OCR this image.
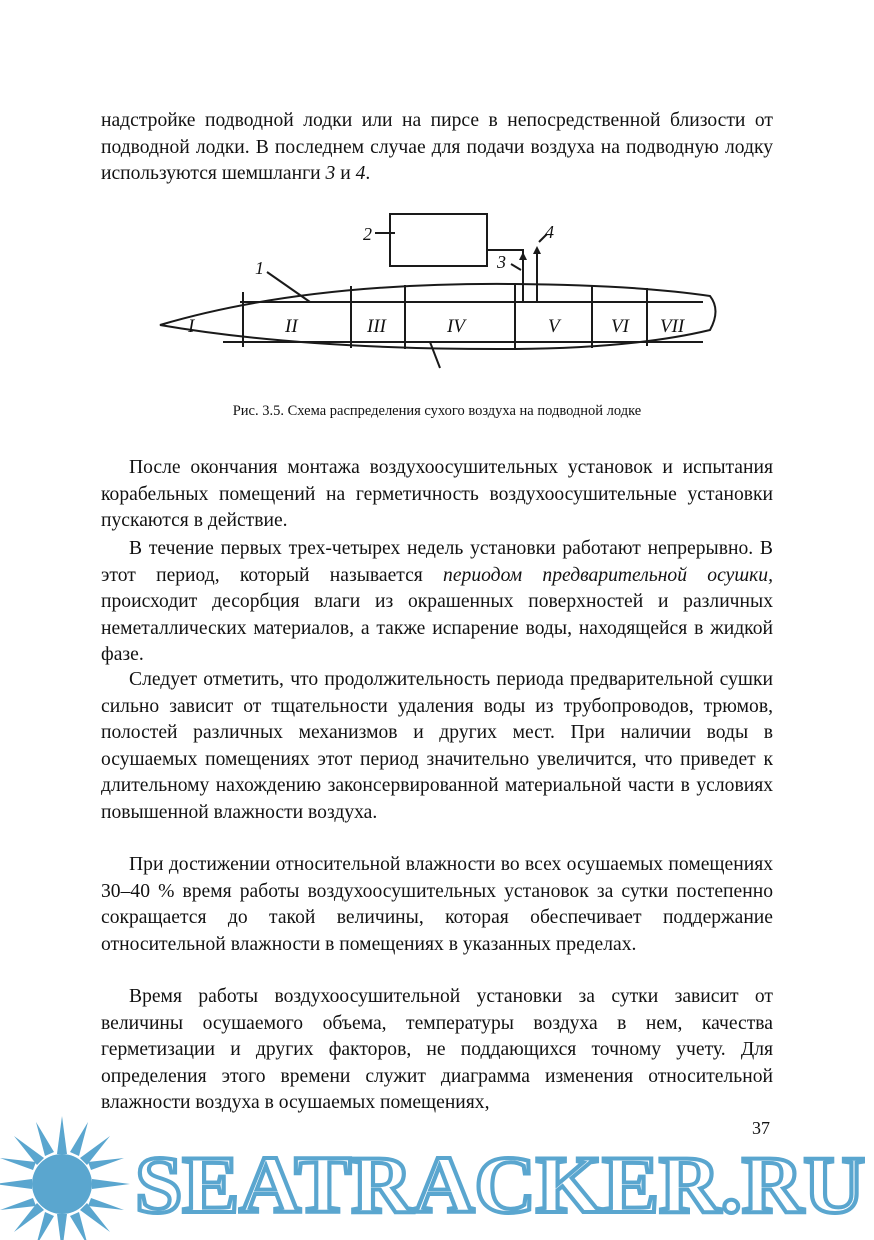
надстройке подводной лодки или на пирсе в непосредственной близости от подводной лодки. В последнем случае для подачи воздуха на подводную лодку используются шемшланги 3 и 4.

1
2
3
4
I	II	III	IV	V	VI VII

Рис. 3.5. Схема распределения сухого воздуха на подводной лодке

После окончания монтажа воздухоосушительных установок и испытания корабельных помещений на герметичность воздухоосушительные установки пускаются в действие.

В течение первых трех-четырех недель установки работают непрерывно. В этот период, который называется периодом предварительной осушки, происходит десорбция влаги из окрашенных поверхностей и различных неметаллических материалов, а также испарение воды, находящейся в жидкой фазе.

Следует отметить, что продолжительность периода предварительной сушки сильно зависит от тщательности удаления воды из трубопроводов, трюмов, полостей различных механизмов и других мест. При наличии воды в осушаемых помещениях этот период значительно увеличится, что приведет к длительному нахождению законсервированной материальной части в условиях повышенной влажности воздуха.

При достижении относительной влажности во всех осушаемых помещениях 30–40 % время работы воздухоосушительных установок за сутки постепенно сокращается до такой величины, которая обеспечивает поддержание относительной влажности в помещениях в указанных пределах.

Время работы воздухоосушительной установки за сутки зависит от величины осушаемого объема, температуры воздуха в нем, качества герметизации и других факторов, не поддающихся точному учету. Для определения этого времени служит диаграмма изменения относительной влажности воздуха в осушаемых помещениях,

37
SEATRACKER.RU
